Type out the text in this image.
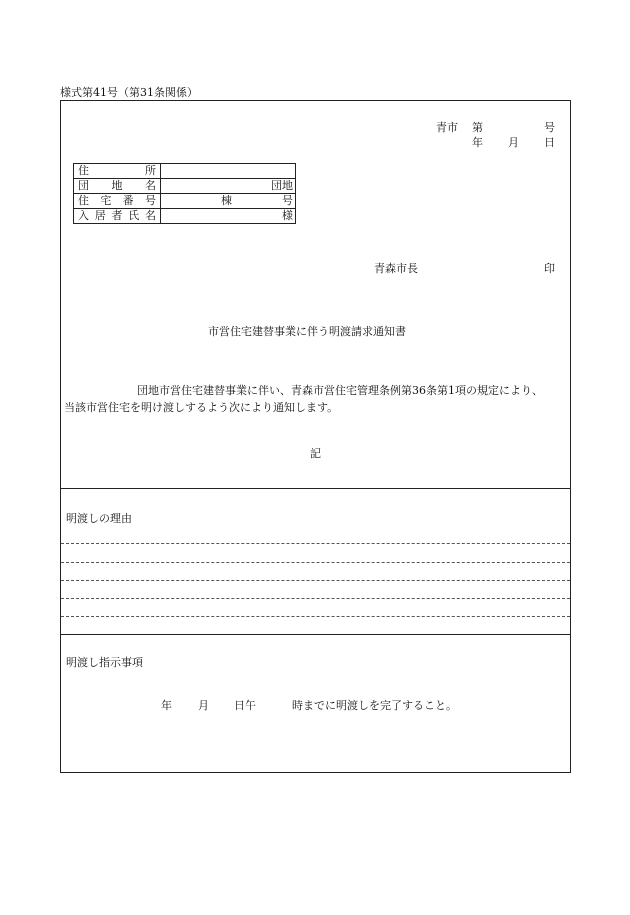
様式第41号（第31条関係）
青市 第	号
年 月 日
住 所	

団 地 名	団地

住 宅 番 号	棟 号

入 居 者 氏 名	様
青森市長	印
市営住宅建替事業に伴う明渡請求通知書
団地市営住宅建替事業に伴い、青森市営住宅管理条例第36条第1項の規定により、
当該市営住宅を明け渡しするよう次により通知します。
記
明渡しの理由
明渡し指示事項
年 月 日午	時までに明渡しを完了すること。
